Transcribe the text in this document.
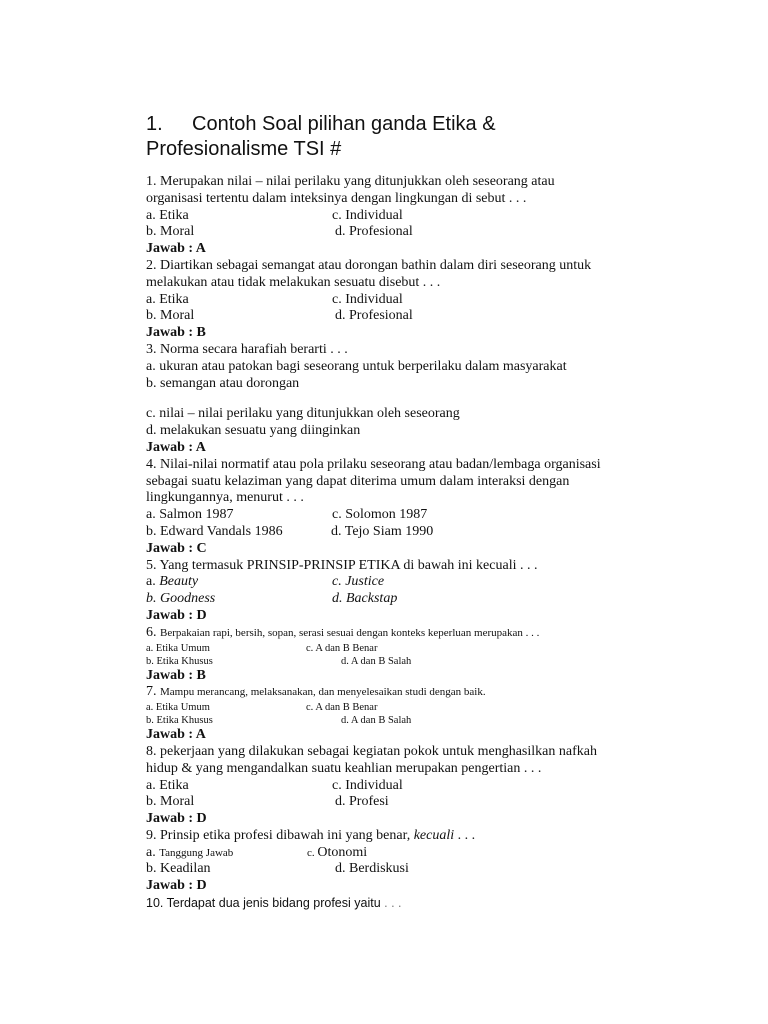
1. Contoh Soal pilihan ganda Etika &
Profesionalisme TSI #
1. Merupakan nilai – nilai perilaku yang ditunjukkan oleh seseorang atau
organisasi tertentu dalam inteksinya dengan lingkungan di sebut . . .
a. Etika	c. Individual
b. Moral	d. Profesional
Jawab : A
2. Diartikan sebagai semangat atau dorongan bathin dalam diri seseorang untuk
melakukan atau tidak melakukan sesuatu disebut . . .
a. Etika	c. Individual
b. Moral	d. Profesional
Jawab : B
3. Norma secara harafiah berarti . . .
a. ukuran atau patokan bagi seseorang untuk berperilaku dalam masyarakat
b. semangan atau dorongan
c. nilai – nilai perilaku yang ditunjukkan oleh seseorang
d. melakukan sesuatu yang diinginkan
Jawab : A
4. Nilai-nilai normatif atau pola prilaku seseorang atau badan/lembaga organisasi
sebagai suatu kelaziman yang dapat diterima umum dalam interaksi dengan
lingkungannya, menurut . . .
a. Salmon 1987	c. Solomon 1987
b. Edward Vandals 1986	d. Tejo Siam 1990
Jawab : C
5. Yang termasuk PRINSIP-PRINSIP ETIKA di bawah ini kecuali . . .
a. Beauty	c. Justice
b. Goodness	d. Backstap
Jawab : D
6. Berpakaian rapi, bersih, sopan, serasi sesuai dengan konteks keperluan merupakan . . .
a. Etika Umum	c. A dan B Benar
b. Etika Khusus	d. A dan B Salah
Jawab : B
7. Mampu merancang, melaksanakan, dan menyelesaikan studi dengan baik.
a. Etika Umum	c. A dan B Benar
b. Etika Khusus	d. A dan B Salah
Jawab : A
8. pekerjaan yang dilakukan sebagai kegiatan pokok untuk menghasilkan nafkah
hidup & yang mengandalkan suatu keahlian merupakan pengertian . . .
a. Etika	c. Individual
b. Moral	d. Profesi
Jawab : D
9. Prinsip etika profesi dibawah ini yang benar, kecuali . . .
a. Tanggung Jawab	c. Otonomi
b. Keadilan	d. Berdiskusi
Jawab : D
10. Terdapat dua jenis bidang profesi yaitu . . .
